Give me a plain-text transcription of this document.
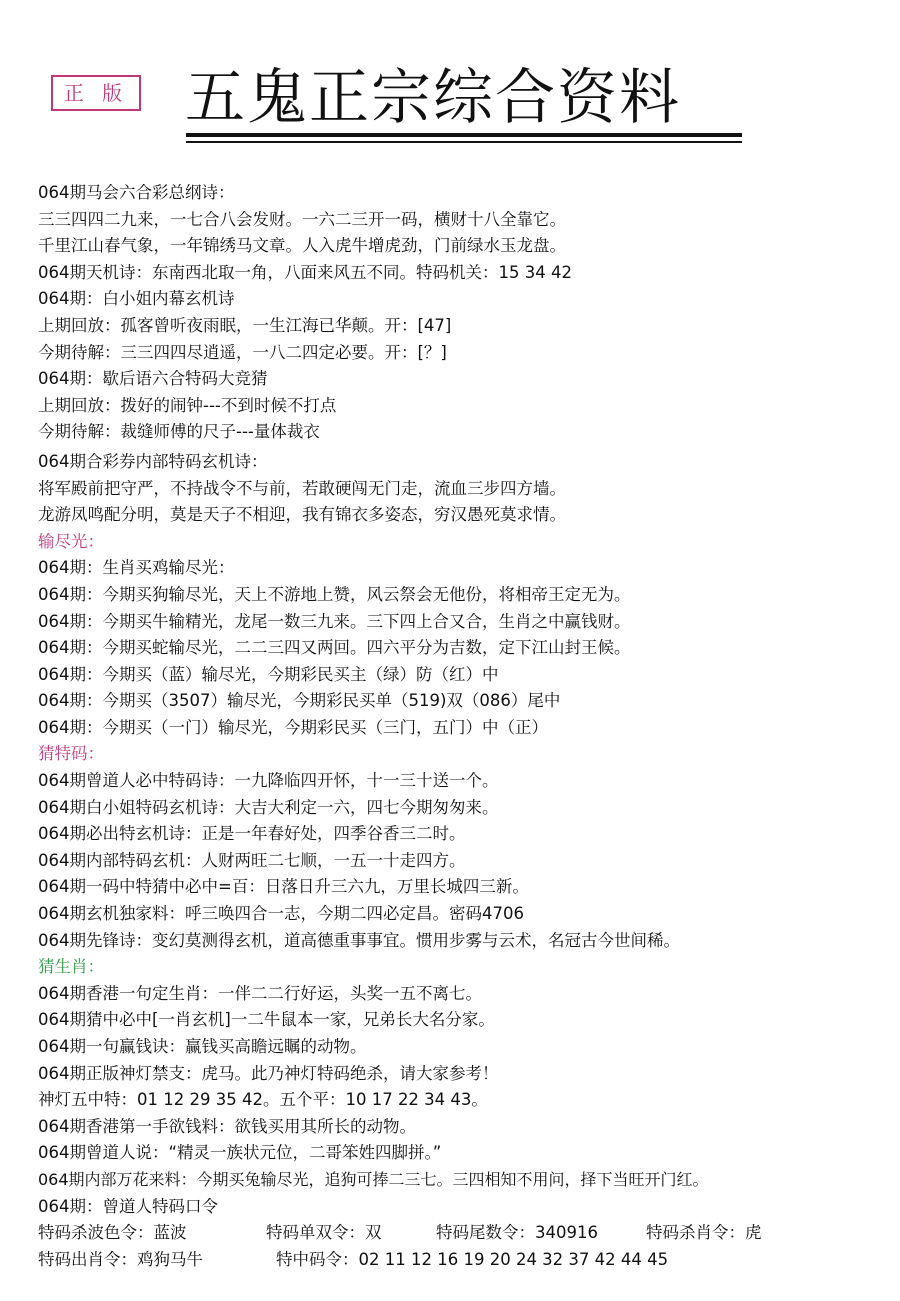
正 版 五鬼正宗综合资料
064期马会六合彩总纲诗：
三三四四二九来，一七合八会发财。一六二三开一码，横财十八全靠它。
千里江山春气象，一年锦绣马文章。人入虎牛增虎劲，门前绿水玉龙盘。
064期天机诗：东南西北取一角，八面来风五不同。特码机关：15 34 42
064期：白小姐内幕玄机诗
上期回放：孤客曾听夜雨眠，一生江海已华颠。开：[47]
今期待解：三三四四尽逍遥，一八二四定必要。开：[？]
064期：歇后语六合特码大竞猜
上期回放：拨好的闹钟---不到时候不打点
今期待解：裁缝师傅的尺子---量体裁衣
064期合彩券内部特码玄机诗：
将军殿前把守严，不持战令不与前，若敢硬闯无门走，流血三步四方墙。
龙游凤鸣配分明，莫是天子不相迎，我有锦衣多姿态，穷汉愚死莫求情。
输尽光：
064期：生肖买鸡输尽光：
064期：今期买狗输尽光，天上不游地上赞，风云祭会无他份，将相帝王定无为。
064期：今期买牛输精光，龙尾一数三九来。三下四上合又合，生肖之中赢钱财。
064期：今期买蛇输尽光，二二三四又两回。四六平分为吉数，定下江山封王候。
064期：今期买（蓝）输尽光，今期彩民买主（绿）防（红）中
064期：今期买（3507）输尽光，今期彩民买单（519)双（086）尾中
064期：今期买（一门）输尽光，今期彩民买（三门，五门）中（正）
猜特码：
064期曾道人必中特码诗：一九降临四开怀，十一三十送一个。
064期白小姐特码玄机诗：大吉大利定一六，四七今期匆匆来。
064期必出特玄机诗：正是一年春好处，四季谷香三二时。
064期内部特码玄机：人财两旺二七顺，一五一十走四方。
064期一码中特猜中必中=百：日落日升三六九，万里长城四三新。
064期玄机独家料：呼三唤四合一志，今期二四必定昌。密码4706
064期先锋诗：变幻莫测得玄机，道高德重事事宜。惯用步雾与云术，名冠古今世间稀。
猜生肖：
064期香港一句定生肖：一伴二二行好运，头奖一五不离七。
064期猜中必中[一肖玄机]一二牛鼠本一家，兄弟长大名分家。
064期一句赢钱诀：赢钱买高瞻远瞩的动物。
064期正版神灯禁支：虎马。此乃神灯特码绝杀，请大家参考！
神灯五中特：01 12 29 35 42。五个平：10 17 22 34 43。
064期香港第一手欲钱料：欲钱买用其所长的动物。
064期曾道人说：“精灵一族状元位，二哥笨姓四脚拼。”
064期内部万花来料：今期买兔输尽光，追狗可捧二三七。三四相知不用问，择下当旺开门红。
064期：曾道人特码口令
特码杀波色令：蓝波	特码单双令：双	特码尾数令：340916	特码杀肖令：虎
特码出肖令：鸡狗马牛	特中码令：02 11 12 16 19 20 24 32 37 42 44 45
